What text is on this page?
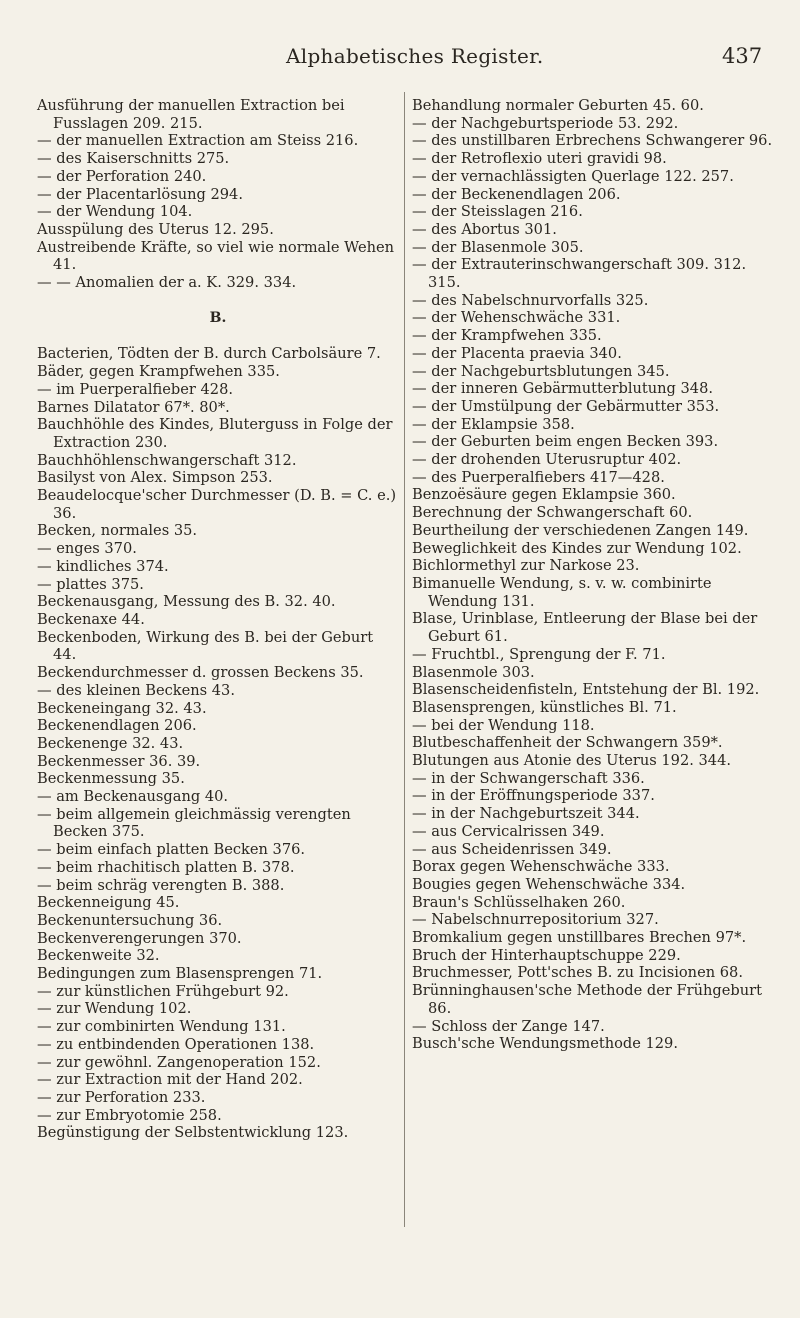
Alphabetisches Register.	437
Ausführung der manuellen Extraction bei Fusslagen 209. 215.
— der manuellen Extraction am Steiss 216.
— des Kaiserschnitts 275.
— der Perforation 240.
— der Placentarlösung 294.
— der Wendung 104.
Ausspülung des Uterus 12. 295.
Austreibende Kräfte, so viel wie normale Wehen 41.
— — Anomalien der a. K. 329. 334.
B.
Bacterien, Tödten der B. durch Carbolsäure 7.
Bäder, gegen Krampfwehen 335.
— im Puerperalfieber 428.
Barnes Dilatator 67*. 80*.
Bauchhöhle des Kindes, Bluterguss in Folge der Extraction 230.
Bauchhöhlenschwangerschaft 312.
Basilyst von Alex. Simpson 253.
Beaudelocque'scher Durchmesser (D. B. = C. e.) 36.
Becken, normales 35.
— enges 370.
— kindliches 374.
— plattes 375.
Beckenausgang, Messung des B. 32. 40.
Beckenaxe 44.
Beckenboden, Wirkung des B. bei der Geburt 44.
Beckendurchmesser d. grossen Beckens 35.
— des kleinen Beckens 43.
Beckeneingang 32. 43.
Beckenendlagen 206.
Beckenenge 32. 43.
Beckenmesser 36. 39.
Beckenmessung 35.
— am Beckenausgang 40.
— beim allgemein gleichmässig verengten Becken 375.
— beim einfach platten Becken 376.
— beim rhachitisch platten B. 378.
— beim schräg verengten B. 388.
Beckenneigung 45.
Beckenuntersuchung 36.
Beckenverengerungen 370.
Beckenweite 32.
Bedingungen zum Blasensprengen 71.
— zur künstlichen Frühgeburt 92.
— zur Wendung 102.
— zur combinirten Wendung 131.
— zu entbindenden Operationen 138.
— zur gewöhnl. Zangenoperation 152.
— zur Extraction mit der Hand 202.
— zur Perforation 233.
— zur Embryotomie 258.
Begünstigung der Selbstentwicklung 123.
Behandlung normaler Geburten 45. 60.
— der Nachgeburtsperiode 53. 292.
— des unstillbaren Erbrechens Schwangerer 96.
— der Retroflexio uteri gravidi 98.
— der vernachlässigten Querlage 122. 257.
— der Beckenendlagen 206.
— der Steisslagen 216.
— des Abortus 301.
— der Blasenmole 305.
— der Extrauterinschwangerschaft 309. 312. 315.
— des Nabelschnurvorfalls 325.
— der Wehenschwäche 331.
— der Krampfwehen 335.
— der Placenta praevia 340.
— der Nachgeburtsblutungen 345.
— der inneren Gebärmutterblutung 348.
— der Umstülpung der Gebärmutter 353.
— der Eklampsie 358.
— der Geburten beim engen Becken 393.
— der drohenden Uterusruptur 402.
— des Puerperalfiebers 417—428.
Benzoësäure gegen Eklampsie 360.
Berechnung der Schwangerschaft 60.
Beurtheilung der verschiedenen Zangen 149.
Beweglichkeit des Kindes zur Wendung 102.
Bichlormethyl zur Narkose 23.
Bimanuelle Wendung, s. v. w. combinirte Wendung 131.
Blase, Urinblase, Entleerung der Blase bei der Geburt 61.
— Fruchtbl., Sprengung der F. 71.
Blasenmole 303.
Blasenscheidenfisteln, Entstehung der Bl. 192.
Blasensprengen, künstliches Bl. 71.
— bei der Wendung 118.
Blutbeschaffenheit der Schwangern 359*.
Blutungen aus Atonie des Uterus 192. 344.
— in der Schwangerschaft 336.
— in der Eröffnungsperiode 337.
— in der Nachgeburtszeit 344.
— aus Cervicalrissen 349.
— aus Scheidenrissen 349.
Borax gegen Wehenschwäche 333.
Bougies gegen Wehenschwäche 334.
Braun's Schlüsselhaken 260.
— Nabelschnurrepositorium 327.
Bromkalium gegen unstillbares Brechen 97*.
Bruch der Hinterhauptschuppe 229.
Bruchmesser, Pott'sches B. zu Incisionen 68.
Brünninghausen'sche Methode der Frühgeburt 86.
— Schloss der Zange 147.
Busch'sche Wendungsmethode 129.
